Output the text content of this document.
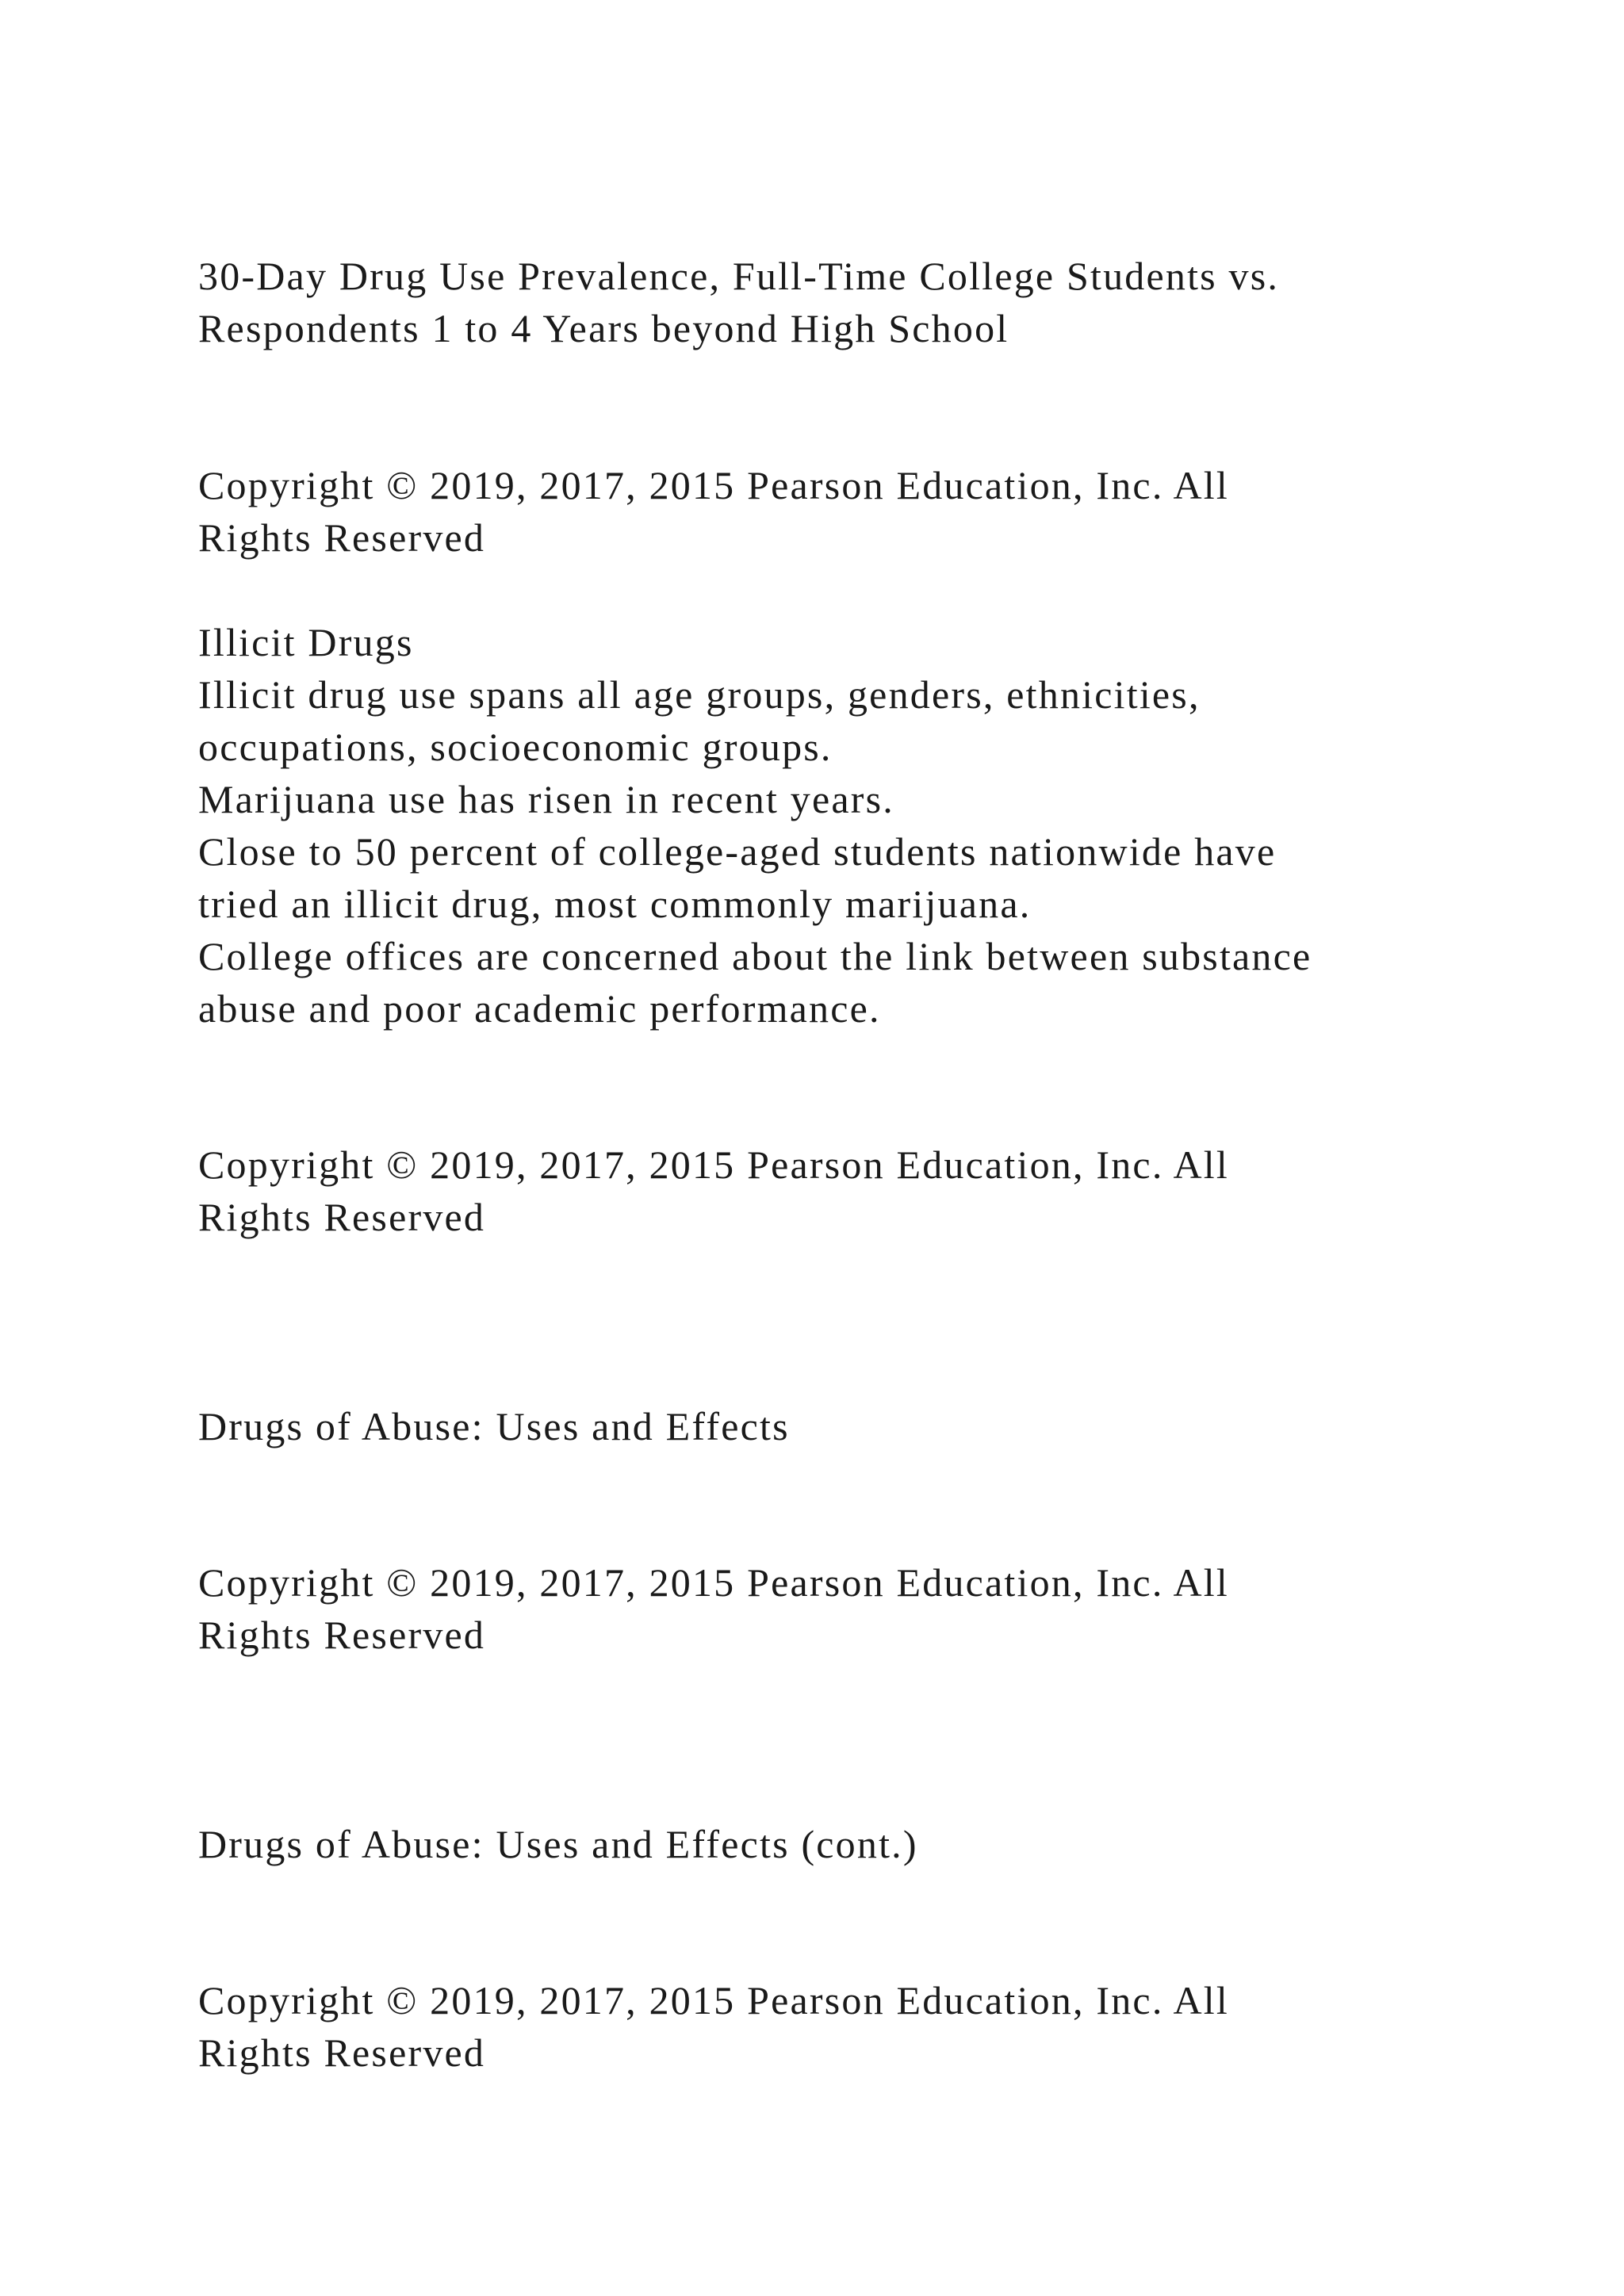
30-Day Drug Use Prevalence, Full-Time College Students vs.

Respondents 1 to 4 Years beyond High School

Copyright © 2019, 2017, 2015 Pearson Education, Inc. All

Rights Reserved

Illicit Drugs

Illicit drug use spans all age groups, genders, ethnicities,

occupations, socioeconomic groups.

Marijuana use has risen in recent years.

Close to 50 percent of college-aged students nationwide have

tried an illicit drug, most commonly marijuana.

College offices are concerned about the link between substance

abuse and poor academic performance.

Copyright © 2019, 2017, 2015 Pearson Education, Inc. All

Rights Reserved

Drugs of Abuse: Uses and Effects

Copyright © 2019, 2017, 2015 Pearson Education, Inc. All

Rights Reserved

Drugs of Abuse: Uses and Effects (cont.)

Copyright © 2019, 2017, 2015 Pearson Education, Inc. All

Rights Reserved
